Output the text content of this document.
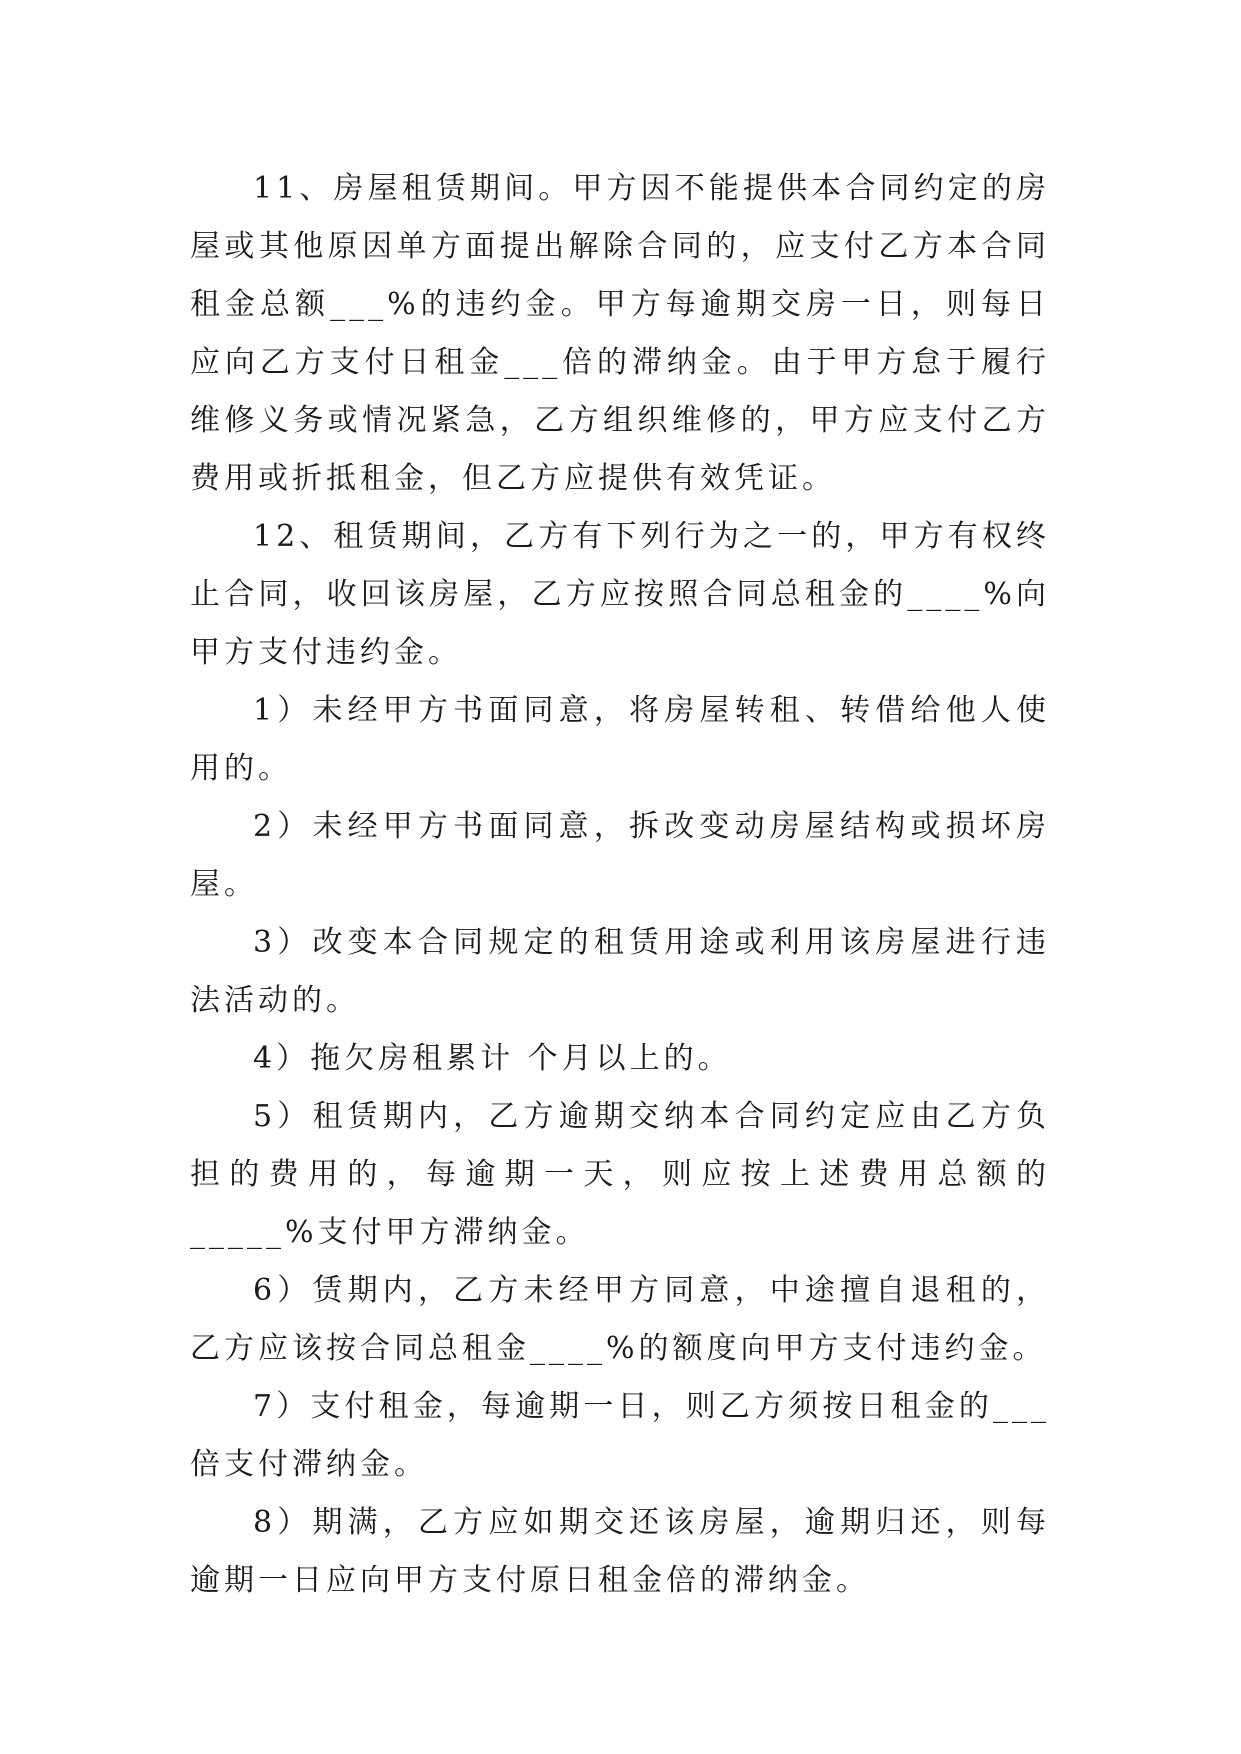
11、房屋租赁期间。甲方因不能提供本合同约定的房屋或其他原因单方面提出解除合同的，应支付乙方本合同租金总额___%的违约金。甲方每逾期交房一日，则每日应向乙方支付日租金___倍的滞纳金。由于甲方怠于履行维修义务或情况紧急，乙方组织维修的，甲方应支付乙方费用或折抵租金，但乙方应提供有效凭证。

12、租赁期间，乙方有下列行为之一的，甲方有权终止合同，收回该房屋，乙方应按照合同总租金的____%向甲方支付违约金。

1）未经甲方书面同意，将房屋转租、转借给他人使用的。

2）未经甲方书面同意，拆改变动房屋结构或损坏房屋。

3）改变本合同规定的租赁用途或利用该房屋进行违法活动的。

4）拖欠房租累计 个月以上的。

5）租赁期内，乙方逾期交纳本合同约定应由乙方负担的费用的，每逾期一天，则应按上述费用总额的_____%支付甲方滞纳金。

6）赁期内，乙方未经甲方同意，中途擅自退租的，乙方应该按合同总租金____%的额度向甲方支付违约金。

7）支付租金，每逾期一日，则乙方须按日租金的___倍支付滞纳金。

8）期满，乙方应如期交还该房屋，逾期归还，则每逾期一日应向甲方支付原日租金倍的滞纳金。
